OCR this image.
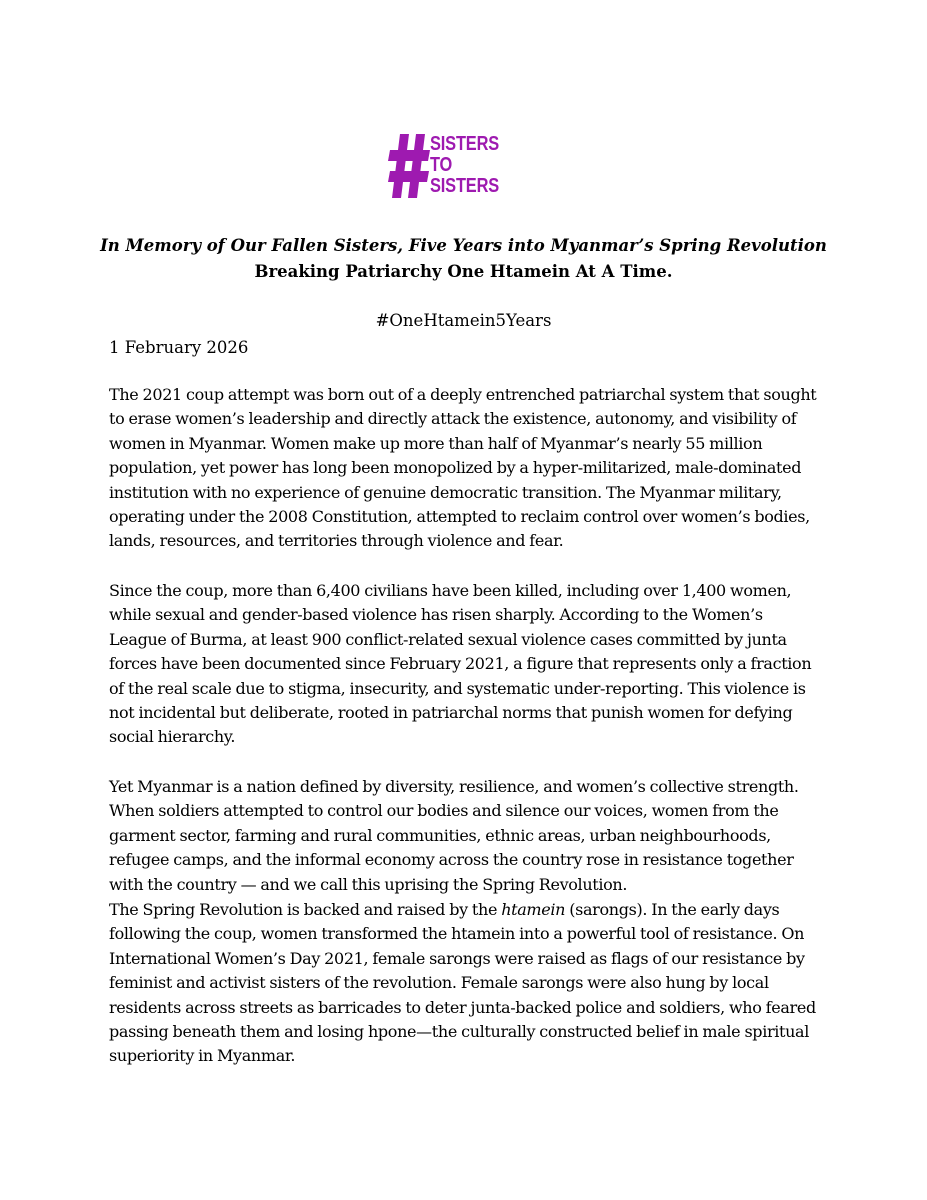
SISTERS
TO
SISTERS
In Memory of Our Fallen Sisters, Five Years into Myanmar’s Spring Revolution
Breaking Patriarchy One Htamein At A Time.
#OneHtamein5Years
1 February 2026
The 2021 coup attempt was born out of a deeply entrenched patriarchal system that sought to erase women’s leadership and directly attack the existence, autonomy, and visibility of women in Myanmar. Women make up more than half of Myanmar’s nearly 55 million population, yet power has long been monopolized by a hyper-militarized, male-dominated institution with no experience of genuine democratic transition. The Myanmar military, operating under the 2008 Constitution, attempted to reclaim control over women’s bodies, lands, resources, and territories through violence and fear.
Since the coup, more than 6,400 civilians have been killed, including over 1,400 women, while sexual and gender-based violence has risen sharply. According to the Women’s League of Burma, at least 900 conflict-related sexual violence cases committed by junta forces have been documented since February 2021, a figure that represents only a fraction of the real scale due to stigma, insecurity, and systematic under-reporting. This violence is not incidental but deliberate, rooted in patriarchal norms that punish women for defying social hierarchy.
Yet Myanmar is a nation defined by diversity, resilience, and women’s collective strength. When soldiers attempted to control our bodies and silence our voices, women from the garment sector, farming and rural communities, ethnic areas, urban neighbourhoods, refugee camps, and the informal economy across the country rose in resistance together with the country — and we call this uprising the Spring Revolution.
The Spring Revolution is backed and raised by the htamein (sarongs). In the early days following the coup, women transformed the htamein into a powerful tool of resistance. On International Women’s Day 2021, female sarongs were raised as flags of our resistance by feminist and activist sisters of the revolution. Female sarongs were also hung by local residents across streets as barricades to deter junta-backed police and soldiers, who feared passing beneath them and losing hpone—the culturally constructed belief in male spiritual superiority in Myanmar.
